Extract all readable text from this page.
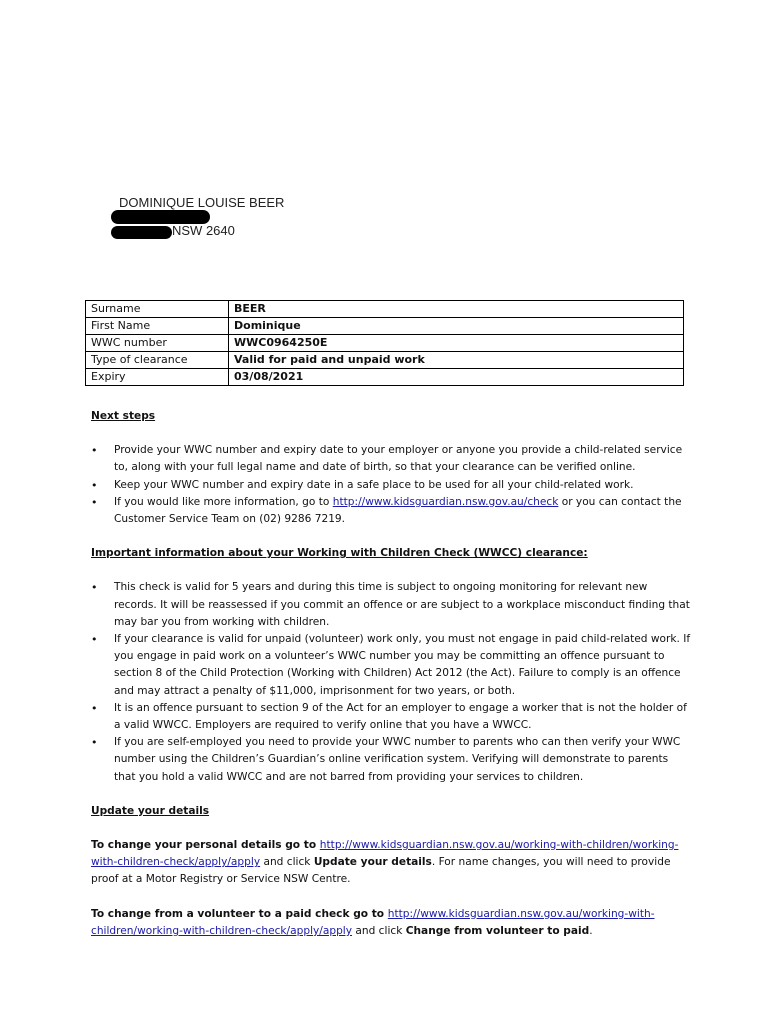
DOMINIQUE LOUISE BEER
NSW 2640
Surname	BEER
First Name	Dominique
WWC number	WWC0964250E
Type of clearance	Valid for paid and unpaid work
Expiry	03/08/2021

Next steps

• Provide your WWC number and expiry date to your employer or anyone you provide a child-related service to, along with your full legal name and date of birth, so that your clearance can be verified online.
• Keep your WWC number and expiry date in a safe place to be used for all your child-related work.
• If you would like more information, go to http://www.kidsguardian.nsw.gov.au/check or you can contact the Customer Service Team on (02) 9286 7219.

Important information about your Working with Children Check (WWCC) clearance:

• This check is valid for 5 years and during this time is subject to ongoing monitoring for relevant new records. It will be reassessed if you commit an offence or are subject to a workplace misconduct finding that may bar you from working with children.
• If your clearance is valid for unpaid (volunteer) work only, you must not engage in paid child-related work. If you engage in paid work on a volunteer’s WWC number you may be committing an offence pursuant to section 8 of the Child Protection (Working with Children) Act 2012 (the Act). Failure to comply is an offence and may attract a penalty of $11,000, imprisonment for two years, or both.
• It is an offence pursuant to section 9 of the Act for an employer to engage a worker that is not the holder of a valid WWCC. Employers are required to verify online that you have a WWCC.
• If you are self-employed you need to provide your WWC number to parents who can then verify your WWC number using the Children’s Guardian’s online verification system. Verifying will demonstrate to parents that you hold a valid WWCC and are not barred from providing your services to children.

Update your details

To change your personal details go to http://www.kidsguardian.nsw.gov.au/working-with-children/working-with-children-check/apply/apply and click Update your details. For name changes, you will need to provide proof at a Motor Registry or Service NSW Centre.

To change from a volunteer to a paid check go to http://www.kidsguardian.nsw.gov.au/working-with-children/working-with-children-check/apply/apply and click Change from volunteer to paid.
